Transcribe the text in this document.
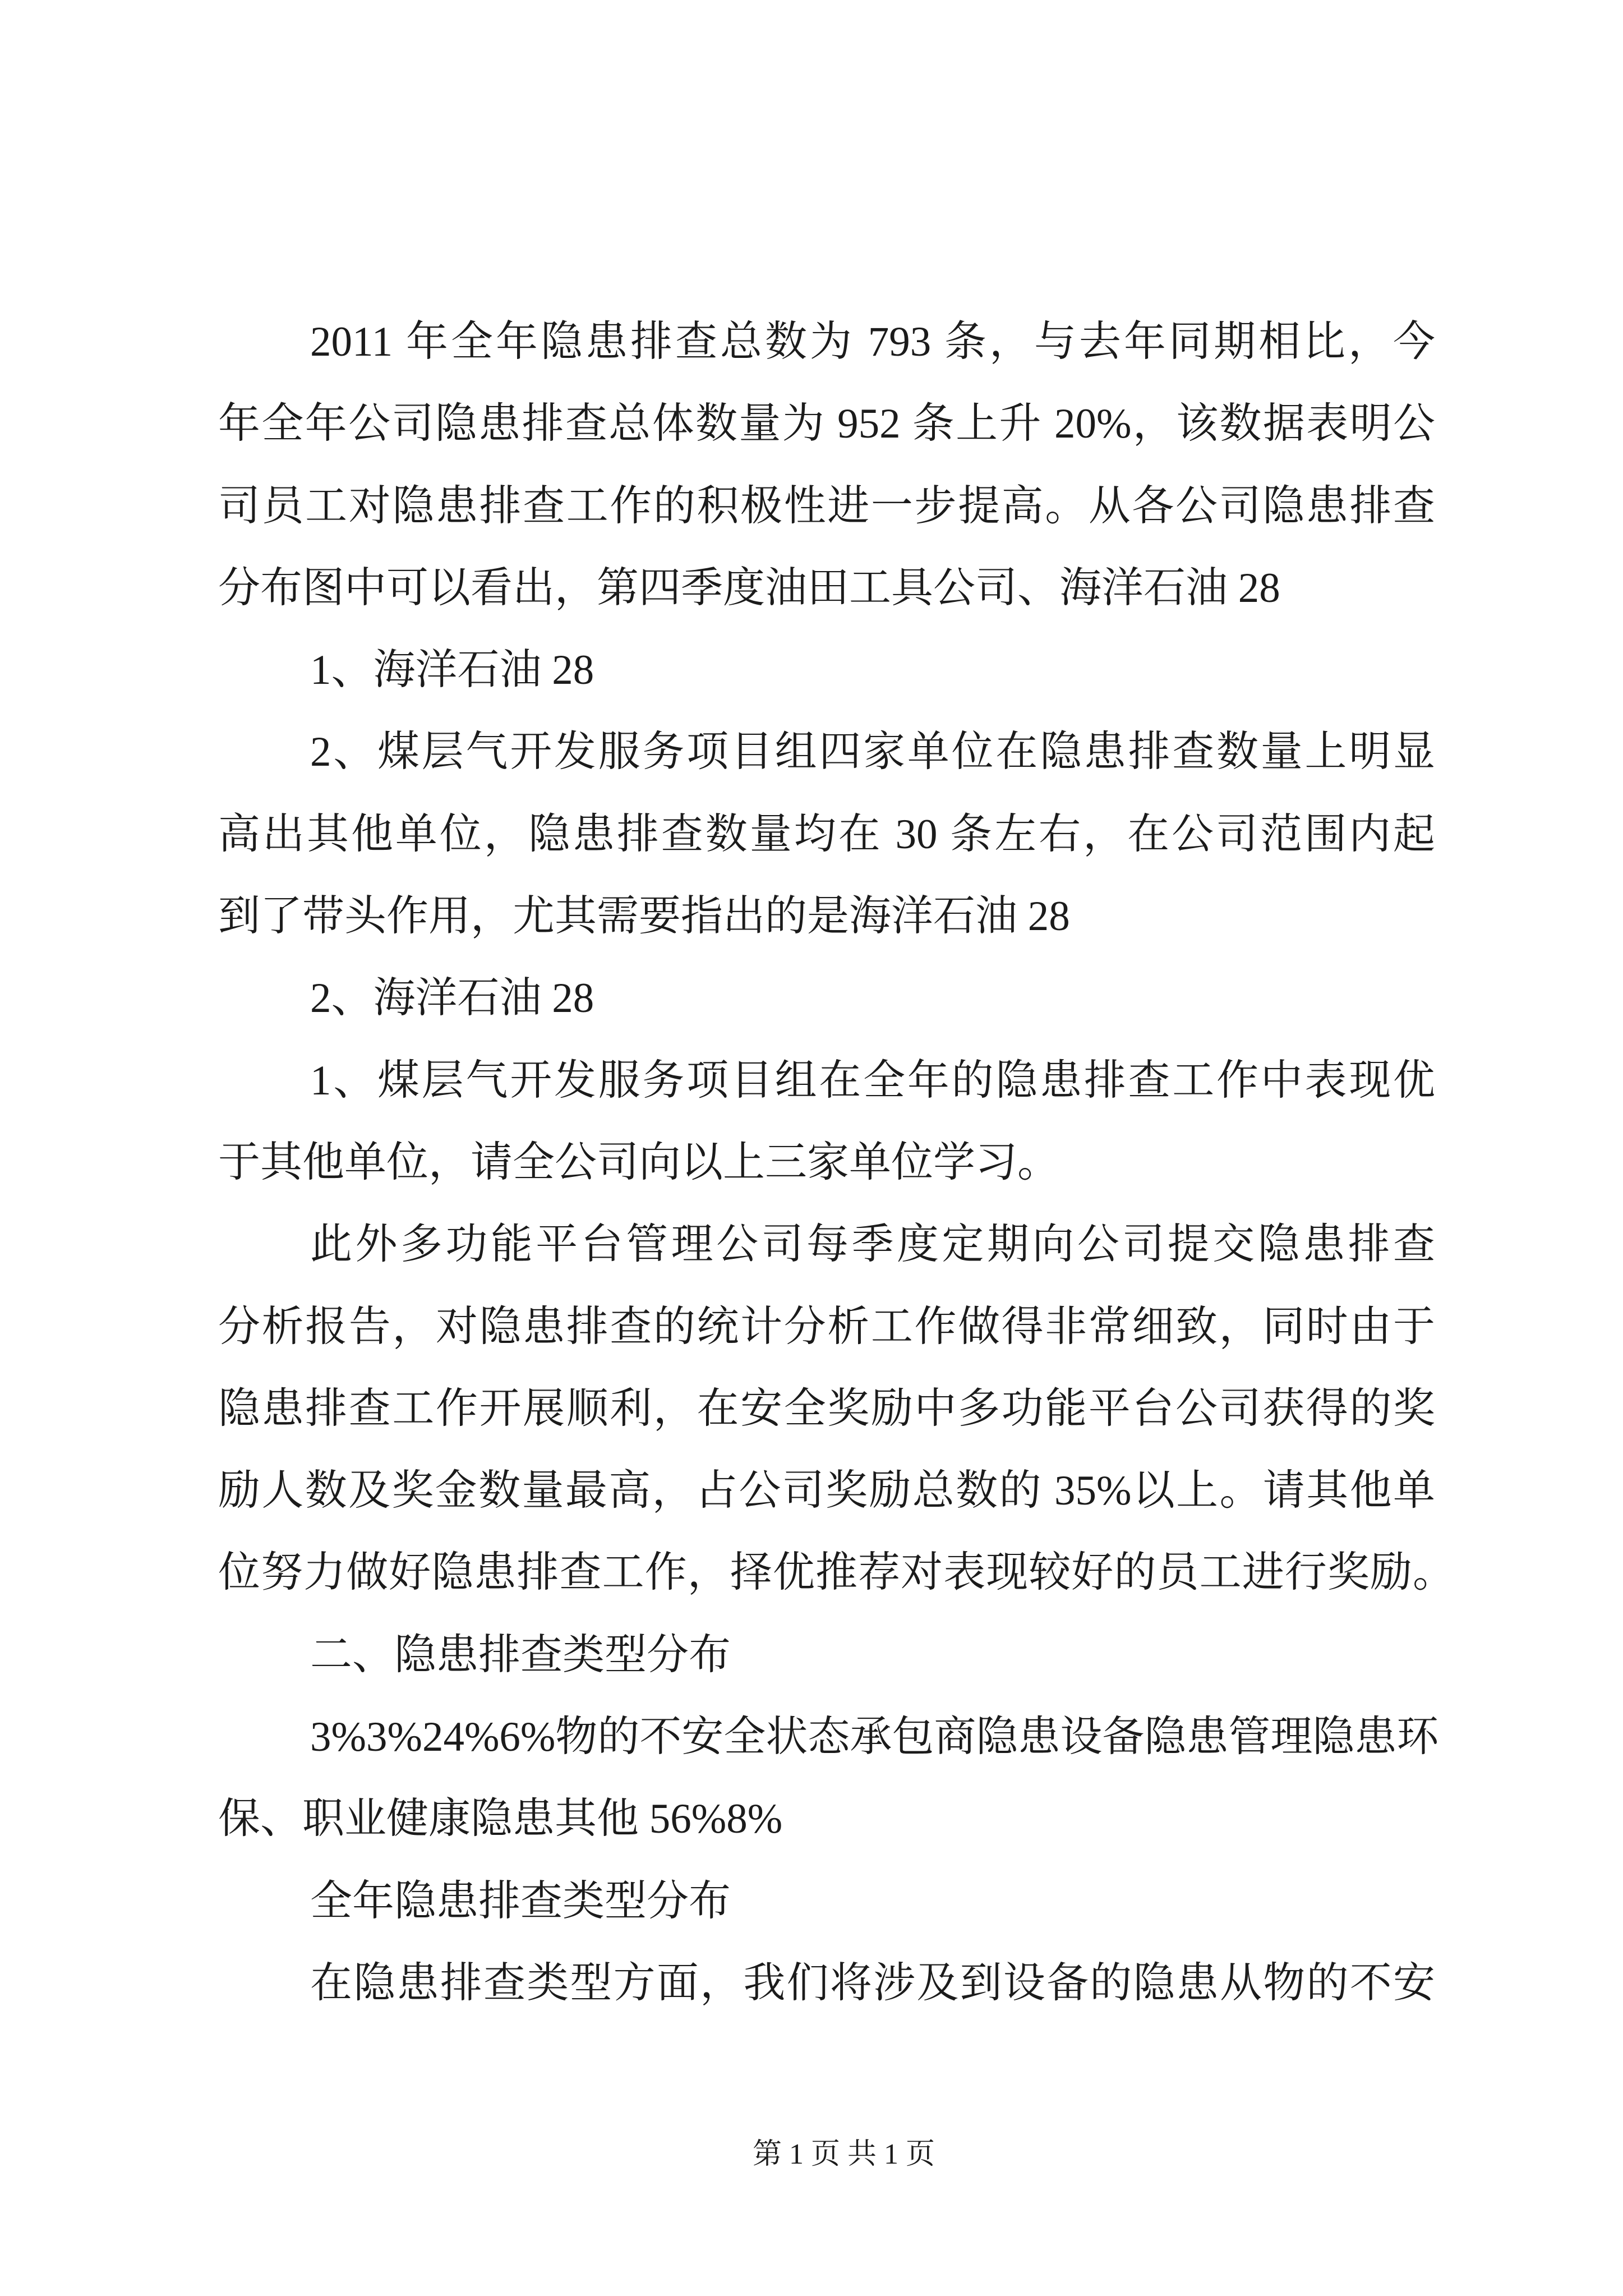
2011 年全年隐患排查总数为 793 条，与去年同期相比，今
年全年公司隐患排查总体数量为 952 条上升 20%，该数据表明公
司员工对隐患排查工作的积极性进一步提高。从各公司隐患排查
分布图中可以看出，第四季度油田工具公司、海洋石油 28
1、海洋石油 28
2、煤层气开发服务项目组四家单位在隐患排查数量上明显
高出其他单位，隐患排查数量均在 30 条左右，在公司范围内起
到了带头作用，尤其需要指出的是海洋石油 28
2、海洋石油 28
1、煤层气开发服务项目组在全年的隐患排查工作中表现优
于其他单位，请全公司向以上三家单位学习。
此外多功能平台管理公司每季度定期向公司提交隐患排查
分析报告，对隐患排查的统计分析工作做得非常细致，同时由于
隐患排查工作开展顺利，在安全奖励中多功能平台公司获得的奖
励人数及奖金数量最高，占公司奖励总数的 35%以上。请其他单
位努力做好隐患排查工作，择优推荐对表现较好的员工进行奖励。
二、隐患排查类型分布
3%3%24%6%物的不安全状态承包商隐患设备隐患管理隐患环
保、职业健康隐患其他 56%8%
全年隐患排查类型分布
在隐患排查类型方面，我们将涉及到设备的隐患从物的不安
第 1 页 共 1 页
